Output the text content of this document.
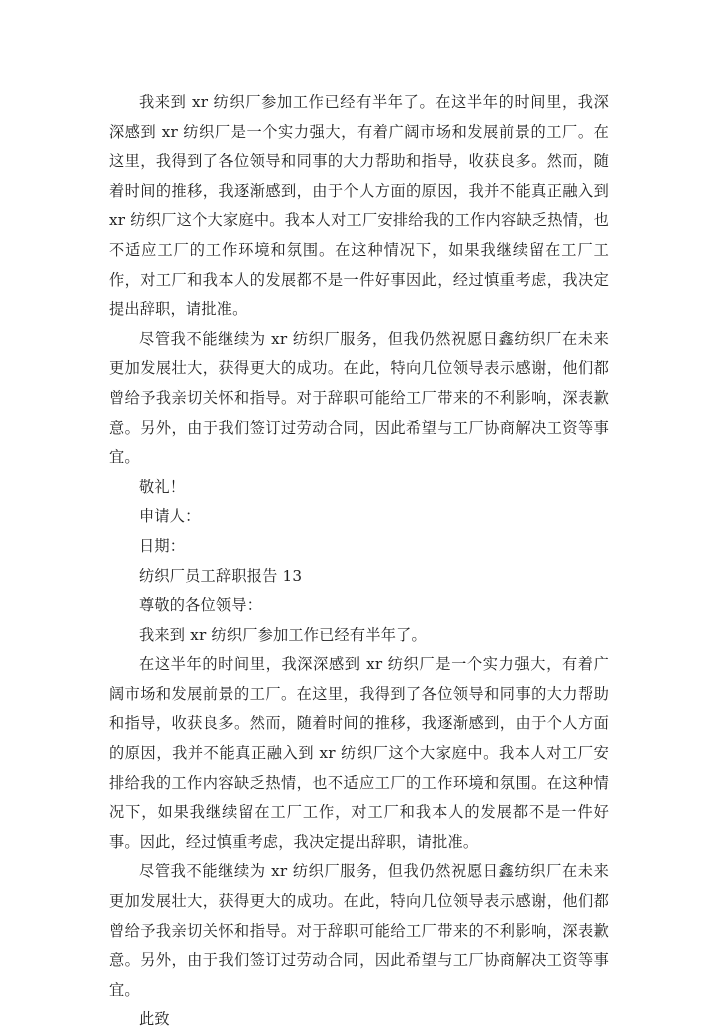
我来到 xr 纺织厂参加工作已经有半年了。在这半年的时间里，我深深感到 xr 纺织厂是一个实力强大，有着广阔市场和发展前景的工厂。在这里，我得到了各位领导和同事的大力帮助和指导，收获良多。然而，随着时间的推移，我逐渐感到，由于个人方面的原因，我并不能真正融入到 xr 纺织厂这个大家庭中。我本人对工厂安排给我的工作内容缺乏热情，也不适应工厂的工作环境和氛围。在这种情况下，如果我继续留在工厂工作，对工厂和我本人的发展都不是一件好事因此，经过慎重考虑，我决定提出辞职，请批准。

尽管我不能继续为 xr 纺织厂服务，但我仍然祝愿日鑫纺织厂在未来更加发展壮大，获得更大的成功。在此，特向几位领导表示感谢，他们都曾给予我亲切关怀和指导。对于辞职可能给工厂带来的不利影响，深表歉意。另外，由于我们签订过劳动合同，因此希望与工厂协商解决工资等事宜。

敬礼！

申请人：

日期：

纺织厂员工辞职报告 13

尊敬的各位领导：

我来到 xr 纺织厂参加工作已经有半年了。

在这半年的时间里，我深深感到 xr 纺织厂是一个实力强大，有着广阔市场和发展前景的工厂。在这里，我得到了各位领导和同事的大力帮助和指导，收获良多。然而，随着时间的推移，我逐渐感到，由于个人方面的原因，我并不能真正融入到 xr 纺织厂这个大家庭中。我本人对工厂安排给我的工作内容缺乏热情，也不适应工厂的工作环境和氛围。在这种情况下，如果我继续留在工厂工作，对工厂和我本人的发展都不是一件好事。因此，经过慎重考虑，我决定提出辞职，请批准。

尽管我不能继续为 xr 纺织厂服务，但我仍然祝愿日鑫纺织厂在未来更加发展壮大，获得更大的成功。在此，特向几位领导表示感谢，他们都曾给予我亲切关怀和指导。对于辞职可能给工厂带来的不利影响，深表歉意。另外，由于我们签订过劳动合同，因此希望与工厂协商解决工资等事宜。

此致
